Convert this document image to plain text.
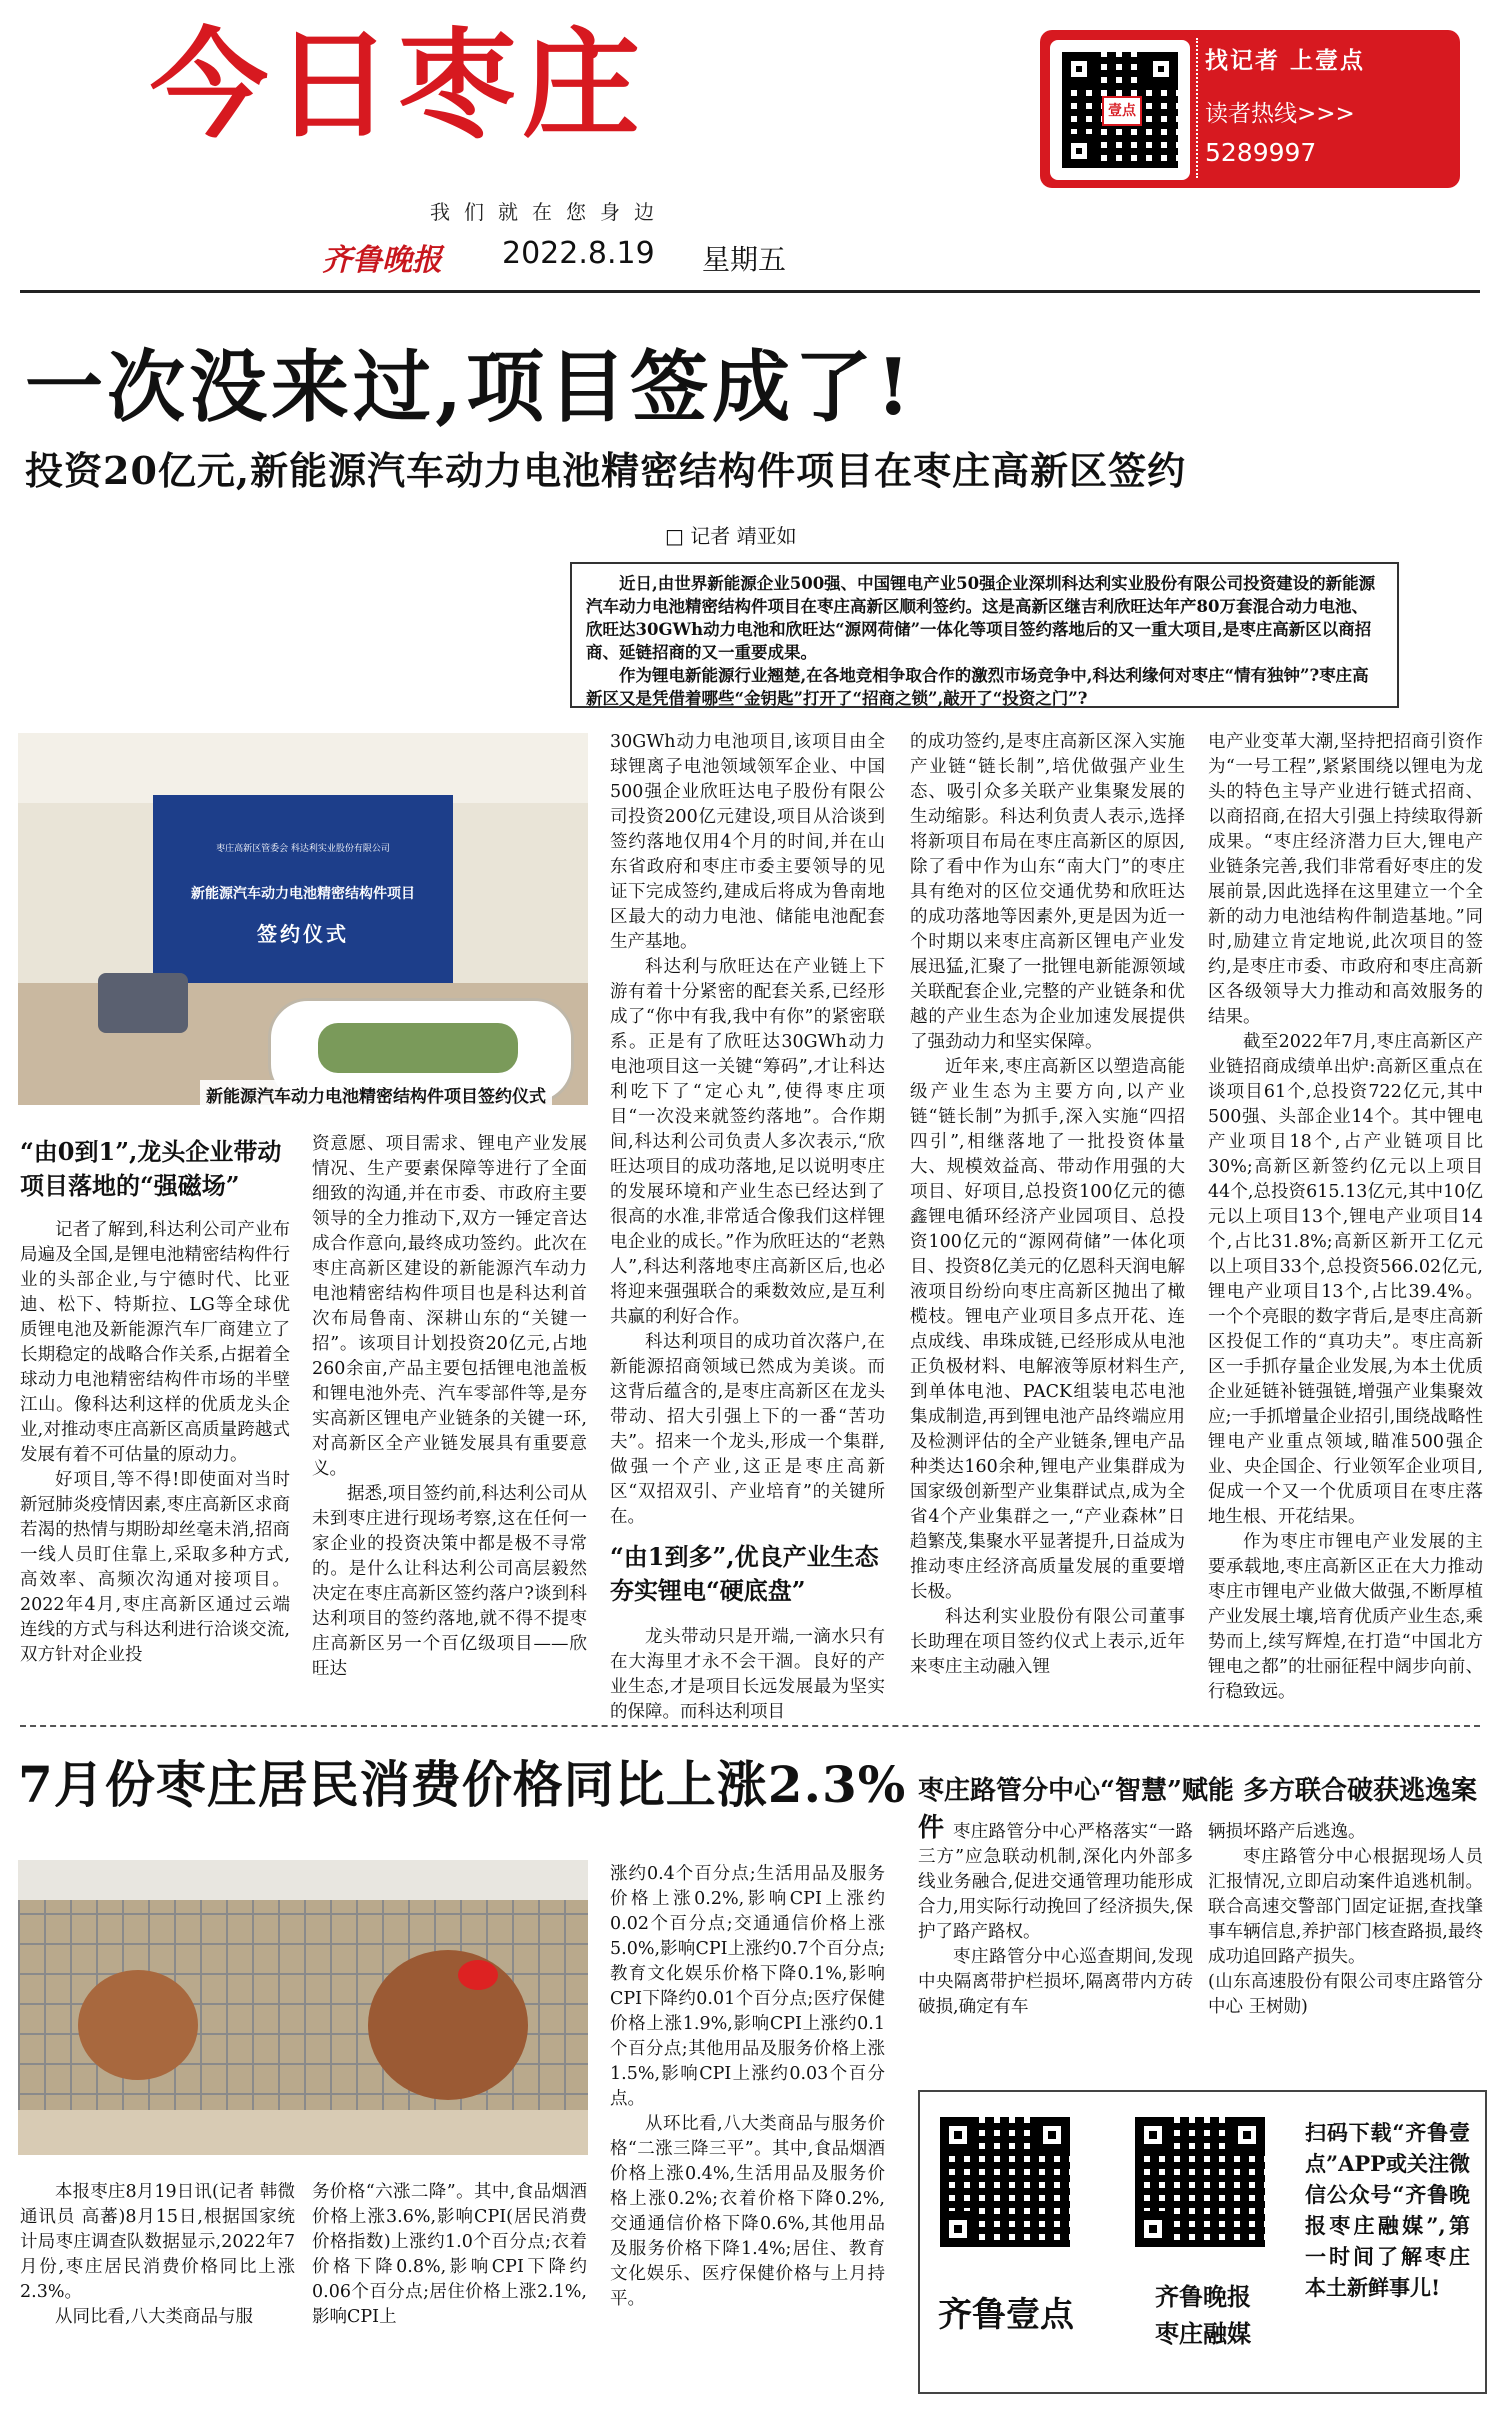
今日枣庄
我们就在您身边
齐鲁晚报 2022.8.19 星期五
壹点
找记者 上壹点
读者热线>>>
5289997
一次没来过,项目签成了!
投资20亿元,新能源汽车动力电池精密结构件项目在枣庄高新区签约
□ 记者 靖亚如

近日,由世界新能源企业500强、中国锂电产业50强企业深圳科达利实业股份有限公司投资建设的新能源汽车动力电池精密结构件项目在枣庄高新区顺利签约。这是高新区继吉利欣旺达年产80万套混合动力电池、欣旺达30GWh动力电池和欣旺达“源网荷储”一体化等项目签约落地后的又一重大项目,是枣庄高新区以商招商、延链招商的又一重要成果。

作为锂电新能源行业翘楚,在各地竞相争取合作的激烈市场竞争中,科达利缘何对枣庄“情有独钟”?枣庄高新区又是凭借着哪些“金钥匙”打开了“招商之锁”,敲开了“投资之门”?

枣庄高新区管委会 科达利实业股份有限公司
新能源汽车动力电池精密结构件项目
签约仪式
新能源汽车动力电池精密结构件项目签约仪式
“由0到1”,龙头企业带动项目落地的“强磁场”

记者了解到,科达利公司产业布局遍及全国,是锂电池精密结构件行业的头部企业,与宁德时代、比亚迪、松下、特斯拉、LG等全球优质锂电池及新能源汽车厂商建立了长期稳定的战略合作关系,占据着全球动力电池精密结构件市场的半壁江山。像科达利这样的优质龙头企业,对推动枣庄高新区高质量跨越式发展有着不可估量的原动力。

好项目,等不得!即使面对当时新冠肺炎疫情因素,枣庄高新区求商若渴的热情与期盼却丝毫未消,招商一线人员盯住靠上,采取多种方式,高效率、高频次沟通对接项目。2022年4月,枣庄高新区通过云端连线的方式与科达利进行洽谈交流,双方针对企业投

资意愿、项目需求、锂电产业发展情况、生产要素保障等进行了全面细致的沟通,并在市委、市政府主要领导的全力推动下,双方一锤定音达成合作意向,最终成功签约。此次在枣庄高新区建设的新能源汽车动力电池精密结构件项目也是科达利首次布局鲁南、深耕山东的“关键一招”。该项目计划投资20亿元,占地260余亩,产品主要包括锂电池盖板和锂电池外壳、汽车零部件等,是夯实高新区锂电产业链条的关键一环,对高新区全产业链发展具有重要意义。

据悉,项目签约前,科达利公司从未到枣庄进行现场考察,这在任何一家企业的投资决策中都是极不寻常的。是什么让科达利公司高层毅然决定在枣庄高新区签约落户?谈到科达利项目的签约落地,就不得不提枣庄高新区另一个百亿级项目——欣旺达

30GWh动力电池项目,该项目由全球锂离子电池领域领军企业、中国500强企业欣旺达电子股份有限公司投资200亿元建设,项目从洽谈到签约落地仅用4个月的时间,并在山东省政府和枣庄市委主要领导的见证下完成签约,建成后将成为鲁南地区最大的动力电池、储能电池配套生产基地。

科达利与欣旺达在产业链上下游有着十分紧密的配套关系,已经形成了“你中有我,我中有你”的紧密联系。正是有了欣旺达30GWh动力电池项目这一关键“筹码”,才让科达利吃下了“定心丸”,使得枣庄项目“一次没来就签约落地”。合作期间,科达利公司负责人多次表示,“欣旺达项目的成功落地,足以说明枣庄的发展环境和产业生态已经达到了很高的水准,非常适合像我们这样锂电企业的成长。”作为欣旺达的“老熟人”,科达利落地枣庄高新区后,也必将迎来强强联合的乘数效应,是互利共赢的利好合作。

科达利项目的成功首次落户,在新能源招商领域已然成为美谈。而这背后蕴含的,是枣庄高新区在龙头带动、招大引强上下的一番“苦功夫”。招来一个龙头,形成一个集群,做强一个产业,这正是枣庄高新区“双招双引、产业培育”的关键所在。

“由1到多”,优良产业生态夯实锂电“硬底盘”

龙头带动只是开端,一滴水只有在大海里才永不会干涸。良好的产业生态,才是项目长远发展最为坚实的保障。而科达利项目

的成功签约,是枣庄高新区深入实施产业链“链长制”,培优做强产业生态、吸引众多关联产业集聚发展的生动缩影。科达利负责人表示,选择将新项目布局在枣庄高新区的原因,除了看中作为山东“南大门”的枣庄具有绝对的区位交通优势和欣旺达的成功落地等因素外,更是因为近一个时期以来枣庄高新区锂电产业发展迅猛,汇聚了一批锂电新能源领域关联配套企业,完整的产业链条和优越的产业生态为企业加速发展提供了强劲动力和坚实保障。

近年来,枣庄高新区以塑造高能级产业生态为主要方向,以产业链“链长制”为抓手,深入实施“四招四引”,相继落地了一批投资体量大、规模效益高、带动作用强的大项目、好项目,总投资100亿元的德鑫锂电循环经济产业园项目、总投资100亿元的“源网荷储”一体化项目、投资8亿美元的亿恩科天润电解液项目纷纷向枣庄高新区抛出了橄榄枝。锂电产业项目多点开花、连点成线、串珠成链,已经形成从电池正负极材料、电解液等原材料生产,到单体电池、PACK组装电芯电池集成制造,再到锂电池产品终端应用及检测评估的全产业链条,锂电产品种类达160余种,锂电产业集群成为国家级创新型产业集群试点,成为全省4个产业集群之一,“产业森林”日趋繁茂,集聚水平显著提升,日益成为推动枣庄经济高质量发展的重要增长极。

科达利实业股份有限公司董事长助理在项目签约仪式上表示,近年来枣庄主动融入锂

电产业变革大潮,坚持把招商引资作为“一号工程”,紧紧围绕以锂电为龙头的特色主导产业进行链式招商、以商招商,在招大引强上持续取得新成果。“枣庄经济潜力巨大,锂电产业链条完善,我们非常看好枣庄的发展前景,因此选择在这里建立一个全新的动力电池结构件制造基地。”同时,励建立肯定地说,此次项目的签约,是枣庄市委、市政府和枣庄高新区各级领导大力推动和高效服务的结果。

截至2022年7月,枣庄高新区产业链招商成绩单出炉:高新区重点在谈项目61个,总投资722亿元,其中500强、头部企业14个。其中锂电产业项目18个,占产业链项目比30%;高新区新签约亿元以上项目44个,总投资615.13亿元,其中10亿元以上项目13个,锂电产业项目14个,占比31.8%;高新区新开工亿元以上项目33个,总投资566.02亿元,锂电产业项目13个,占比39.4%。一个个亮眼的数字背后,是枣庄高新区投促工作的“真功夫”。枣庄高新区一手抓存量企业发展,为本土优质企业延链补链强链,增强产业集聚效应;一手抓增量企业招引,围绕战略性锂电产业重点领域,瞄准500强企业、央企国企、行业领军企业项目,促成一个又一个优质项目在枣庄落地生根、开花结果。

作为枣庄市锂电产业发展的主要承载地,枣庄高新区正在大力推动枣庄市锂电产业做大做强,不断厚植产业发展土壤,培育优质产业生态,乘势而上,续写辉煌,在打造“中国北方锂电之都”的壮丽征程中阔步向前、行稳致远。

7月份枣庄居民消费价格同比上涨2.3%

本报枣庄8月19日讯(记者 韩微 通讯员 高蕃)8月15日,根据国家统计局枣庄调查队数据显示,2022年7月份,枣庄居民消费价格同比上涨2.3%。

从同比看,八大类商品与服

务价格“六涨二降”。其中,食品烟酒价格上涨3.6%,影响CPI(居民消费价格指数)上涨约1.0个百分点;衣着价格下降0.8%,影响CPI下降约0.06个百分点;居住价格上涨2.1%,影响CPI上

涨约0.4个百分点;生活用品及服务价格上涨0.2%,影响CPI上涨约0.02个百分点;交通通信价格上涨5.0%,影响CPI上涨约0.7个百分点;教育文化娱乐价格下降0.1%,影响CPI下降约0.01个百分点;医疗保健价格上涨1.9%,影响CPI上涨约0.1个百分点;其他用品及服务价格上涨1.5%,影响CPI上涨约0.03个百分点。

从环比看,八大类商品与服务价格“二涨三降三平”。其中,食品烟酒价格上涨0.4%,生活用品及服务价格上涨0.2%;衣着价格下降0.2%,交通通信价格下降0.6%,其他用品及服务价格下降1.4%;居住、教育文化娱乐、医疗保健价格与上月持平。

枣庄路管分中心“智慧”赋能 多方联合破获逃逸案件 枣庄路管分中心严格落实“一路三方”应急联动机制,深化内外部多线业务融合,促进交通管理功能形成合力,用实际行动挽回了经济损失,保护了路产路权。

枣庄路管分中心巡查期间,发现中央隔离带护栏损坏,隔离带内方砖破损,确定有车

辆损坏路产后逃逸。

枣庄路管分中心根据现场人员汇报情况,立即启动案件追逃机制。联合高速交警部门固定证据,查找肇事车辆信息,养护部门核查路损,最终成功追回路产损失。

(山东高速股份有限公司枣庄路管分中心 王树勋)

齐鲁壹点	齐鲁晚报
枣庄融媒
扫码下载“齐鲁壹点”APP或关注微信公众号“齐鲁晚报枣庄融媒”,第一时间了解枣庄本土新鲜事儿!
